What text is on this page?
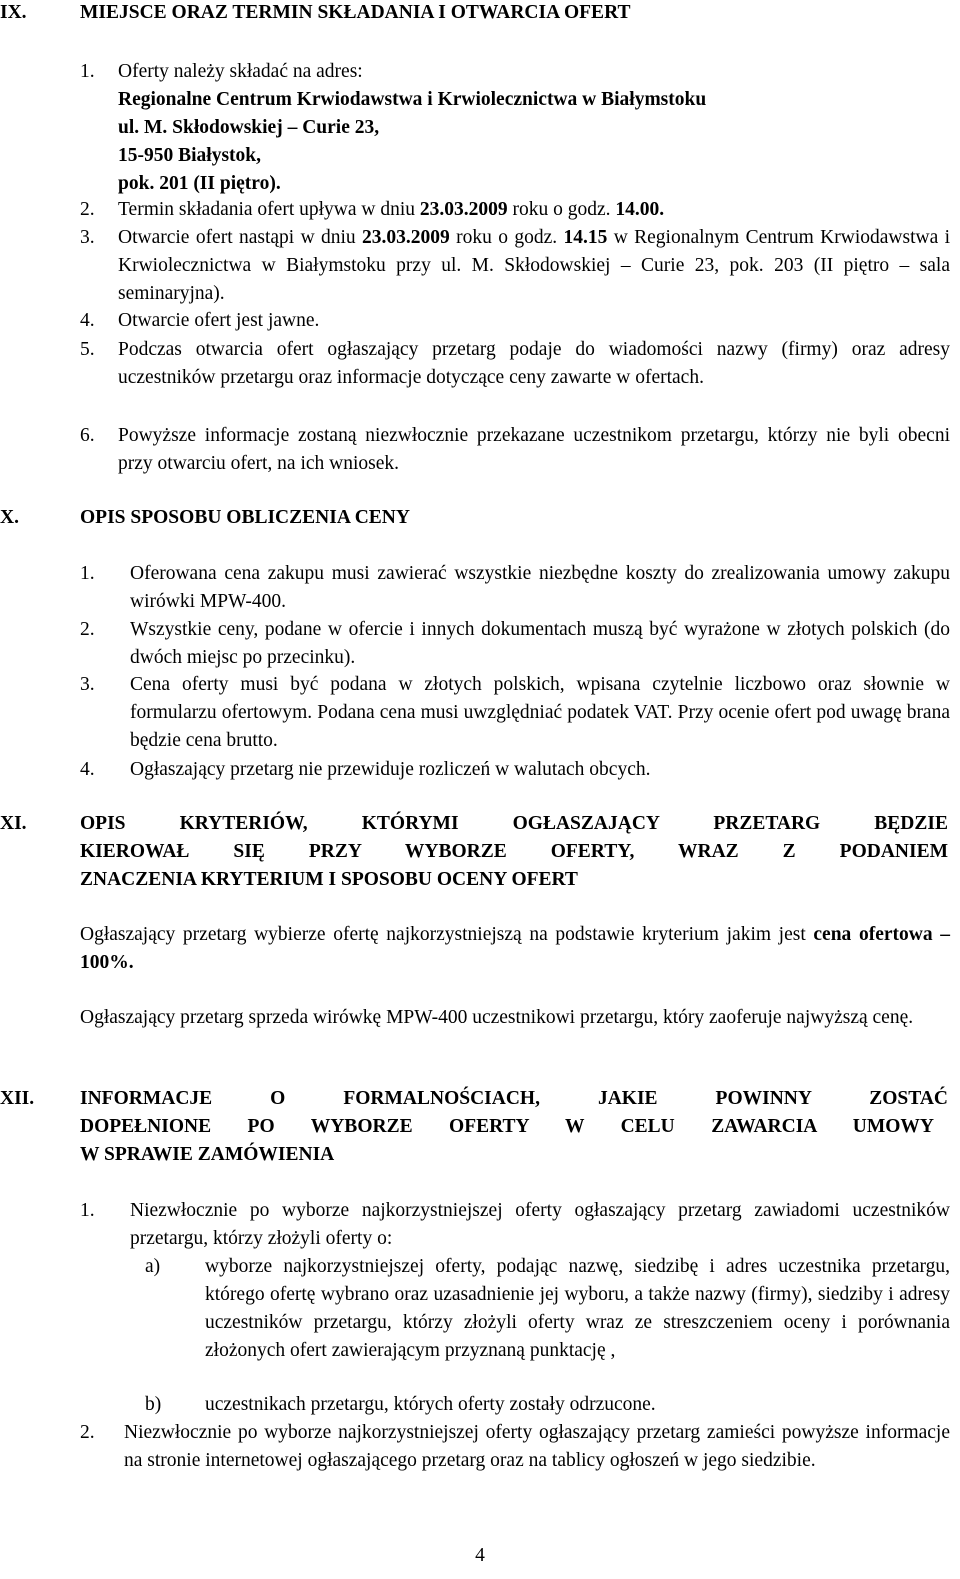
IX.	MIEJSCE ORAZ TERMIN SKŁADANIA I OTWARCIA OFERT
1. Oferty należy składać na adres:
Regionalne Centrum Krwiodawstwa i Krwiolecznictwa w Białymstoku
ul. M. Skłodowskiej – Curie 23,
15-950 Białystok,
pok. 201 (II piętro).
2. Termin składania ofert upływa w dniu 23.03.2009 roku o godz. 14.00.
3. Otwarcie ofert nastąpi w dniu 23.03.2009 roku o godz. 14.15 w Regionalnym Centrum Krwiodawstwa i Krwiolecznictwa w Białymstoku przy ul. M. Skłodowskiej – Curie 23, pok. 203 (II piętro – sala seminaryjna).
4. Otwarcie ofert jest jawne.
5. Podczas otwarcia ofert ogłaszający przetarg podaje do wiadomości nazwy (firmy) oraz adresy uczestników przetargu oraz informacje dotyczące ceny zawarte w ofertach.
6. Powyższe informacje zostaną niezwłocznie przekazane uczestnikom przetargu, którzy nie byli obecni przy otwarciu ofert, na ich wniosek.
X.	OPIS SPOSOBU OBLICZENIA CENY
1. Oferowana cena zakupu musi zawierać wszystkie niezbędne koszty do zrealizowania umowy zakupu wirówki MPW-400.
2. Wszystkie ceny, podane w ofercie i innych dokumentach muszą być wyrażone w złotych polskich (do dwóch miejsc po przecinku).
3. Cena oferty musi być podana w złotych polskich, wpisana czytelnie liczbowo oraz słownie w formularzu ofertowym. Podana cena musi uwzględniać podatek VAT. Przy ocenie ofert pod uwagę brana będzie cena brutto.
4. Ogłaszający przetarg nie przewiduje rozliczeń w walutach obcych.
XI.	OPIS KRYTERIÓW, KTÓRYMI OGŁASZAJĄCY PRZETARG BĘDZIE
KIEROWAŁ SIĘ PRZY WYBORZE OFERTY, WRAZ Z PODANIEM
ZNACZENIA KRYTERIUM I SPOSOBU OCENY OFERT
Ogłaszający przetarg wybierze ofertę najkorzystniejszą na podstawie kryterium jakim jest cena ofertowa – 100%.
Ogłaszający przetarg sprzeda wirówkę MPW-400 uczestnikowi przetargu, który zaoferuje najwyższą cenę.
XII. INFORMACJE O FORMALNOŚCIACH, JAKIE POWINNY ZOSTAĆ
DOPEŁNIONE PO WYBORZE OFERTY W CELU ZAWARCIA UMOWY
W SPRAWIE ZAMÓWIENIA
1. Niezwłocznie po wyborze najkorzystniejszej oferty ogłaszający przetarg zawiadomi uczestników przetargu, którzy złożyli oferty o:
a) wyborze najkorzystniejszej oferty, podając nazwę, siedzibę i adres uczestnika przetargu, którego ofertę wybrano oraz uzasadnienie jej wyboru, a także nazwy (firmy), siedziby i adresy uczestników przetargu, którzy złożyli oferty wraz ze streszczeniem oceny i porównania złożonych ofert zawierającym przyznaną punktację ,
b) uczestnikach przetargu, których oferty zostały odrzucone.
2. Niezwłocznie po wyborze najkorzystniejszej oferty ogłaszający przetarg zamieści powyższe informacje na stronie internetowej ogłaszającego przetarg oraz na tablicy ogłoszeń w jego siedzibie.
4
